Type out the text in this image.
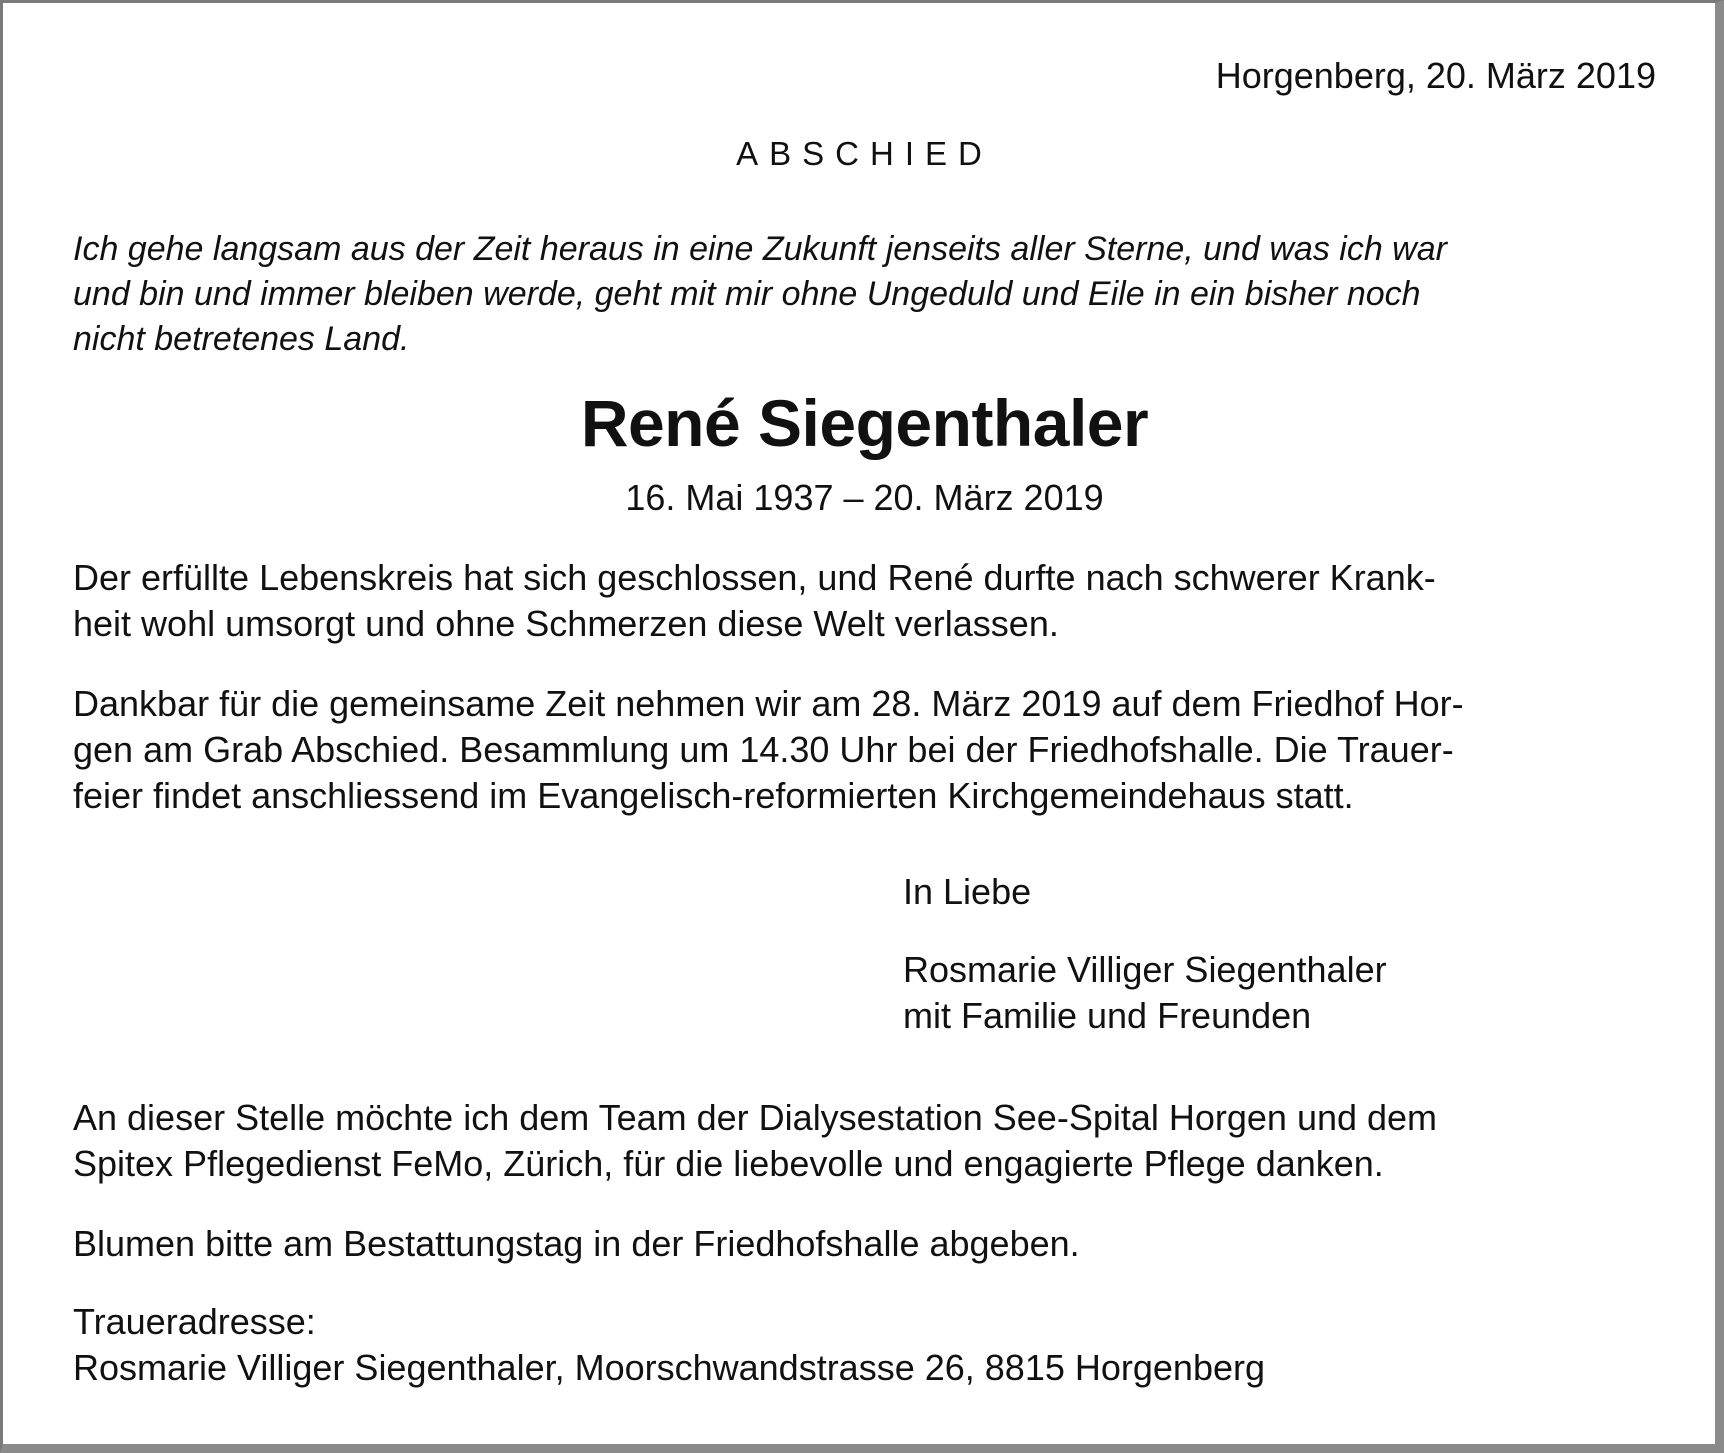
Horgenberg, 20. März 2019
ABSCHIED
Ich gehe langsam aus der Zeit heraus in eine Zukunft jenseits aller Sterne, und was ich war
und bin und immer bleiben werde, geht mit mir ohne Ungeduld und Eile in ein bisher noch
nicht betretenes Land.
René Siegenthaler
16. Mai 1937 – 20. März 2019
Der erfüllte Lebenskreis hat sich geschlossen, und René durfte nach schwerer Krank-
heit wohl umsorgt und ohne Schmerzen diese Welt verlassen.
Dankbar für die gemeinsame Zeit nehmen wir am 28. März 2019 auf dem Friedhof Hor-
gen am Grab Abschied. Besammlung um 14.30 Uhr bei der Friedhofshalle. Die Trauer-
feier findet anschliessend im Evangelisch-reformierten Kirchgemeindehaus statt.
In Liebe
Rosmarie Villiger Siegenthaler
mit Familie und Freunden
An dieser Stelle möchte ich dem Team der Dialysestation See-Spital Horgen und dem
Spitex Pflegedienst FeMo, Zürich, für die liebevolle und engagierte Pflege danken.
Blumen bitte am Bestattungstag in der Friedhofshalle abgeben.
Traueradresse:
Rosmarie Villiger Siegenthaler, Moorschwandstrasse 26, 8815 Horgenberg
